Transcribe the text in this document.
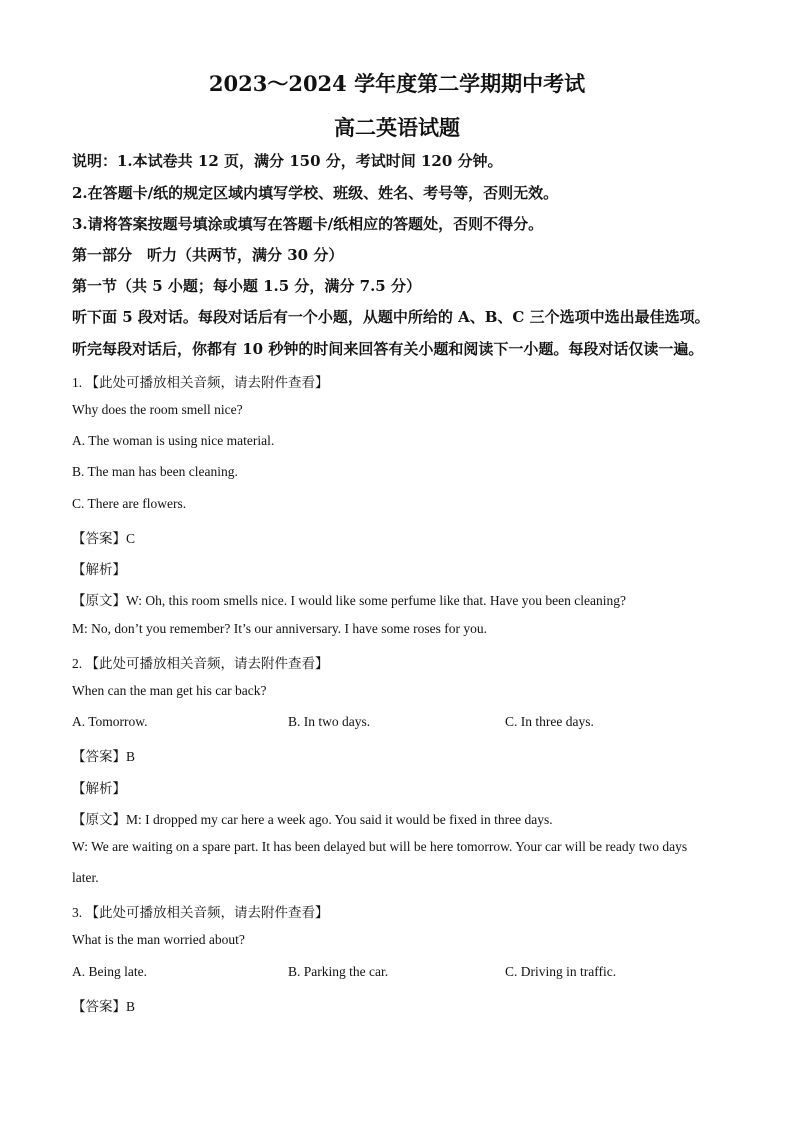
2023～2024 学年度第二学期期中考试
高二英语试题
说明：1.本试卷共 12 页，满分 150 分，考试时间 120 分钟。
2.在答题卡/纸的规定区域内填写学校、班级、姓名、考号等，否则无效。
3.请将答案按题号填涂或填写在答题卡/纸相应的答题处，否则不得分。
第一部分　听力（共两节，满分 30 分）
第一节（共 5 小题；每小题 1.5 分，满分 7.5 分）
听下面 5 段对话。每段对话后有一个小题，从题中所给的 A、B、C 三个选项中选出最佳选项。
听完每段对话后，你都有 10 秒钟的时间来回答有关小题和阅读下一小题。每段对话仅读一遍。
1. 【此处可播放相关音频，请去附件查看】
Why does the room smell nice?
A. The woman is using nice material.
B. The man has been cleaning.
C. There are flowers.
【答案】C
【解析】
【原文】W: Oh, this room smells nice. I would like some perfume like that. Have you been cleaning?
M: No, don’t you remember? It’s our anniversary. I have some roses for you.
2. 【此处可播放相关音频，请去附件查看】
When can the man get his car back?
A. Tomorrow.	B. In two days.	C. In three days.
【答案】B
【解析】
【原文】M: I dropped my car here a week ago. You said it would be fixed in three days.
W: We are waiting on a spare part. It has been delayed but will be here tomorrow. Your car will be ready two days
later.
3. 【此处可播放相关音频，请去附件查看】
What is the man worried about?
A. Being late.	B. Parking the car.	C. Driving in traffic.
【答案】B
